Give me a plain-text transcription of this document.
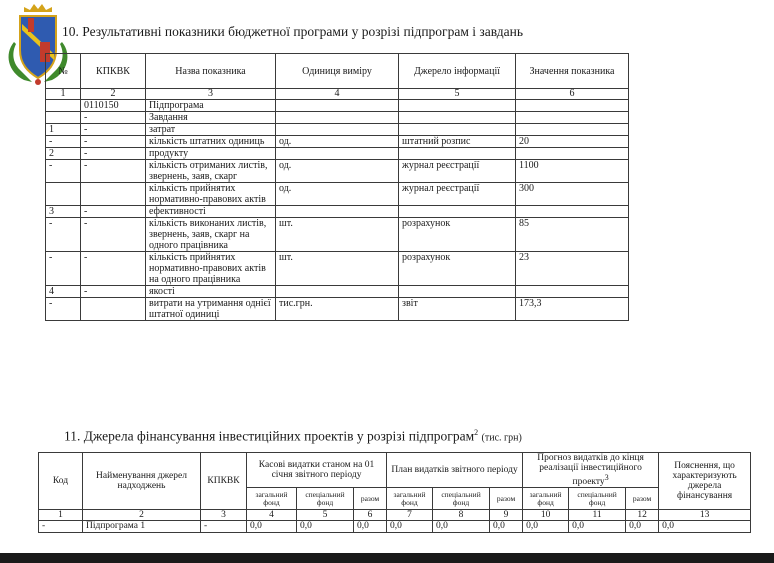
10. Результативні показники бюджетної програми у розрізі підпрограм і завдань
№	КПКВК	Назва показника	Одиниця виміру	Джерело інформації	Значення показника
1	2	3	4	5	6
	0110150	Підпрограма			
	-	Завдання			
1	-	затрат			
-	-	кількість штатних одиниць	од.	штатний розпис	20
2	-	продукту			
-	-	кількість отриманих листів, звернень, заяв, скарг	од.	журнал реєстрації	1100
		кількість прийнятих нормативно-правових актів	од.	журнал реєстрації	300
3	-	ефективності			
-	-	кількість виконаних листів, звернень, заяв, скарг на одного працівника	шт.	розрахунок	85
-	-	кількість прийнятих нормативно-правових актів на одного працівника	шт.	розрахунок	23
4	-	якості			
-		витрати на утримання однієї штатної одиниці	тис.грн.	звіт	173,3
11. Джерела фінансування інвестиційних проектів у розрізі підпрограм$^2$ (тис. грн)
Код	Найменування джерел надходжень	КПКВК	Касові видатки станом на 01 січня звітного періоду			План видатків звітного періоду			Прогноз видатків до кінця реалізації інвестиційного проекту$^3$			Пояснення, що характеризують джерела фінансування
			загальний фонд	спеціальний фонд	разом	загальний фонд	спеціальний фонд	разом	загальний фонд	спеціальний фонд	разом	
1	2	3	4	5	6	7	8	9	10	11	12	13
-	Підпрограма 1	-	0,0	0,0	0,0	0,0	0,0	0,0	0,0	0,0	0,0	0,0
